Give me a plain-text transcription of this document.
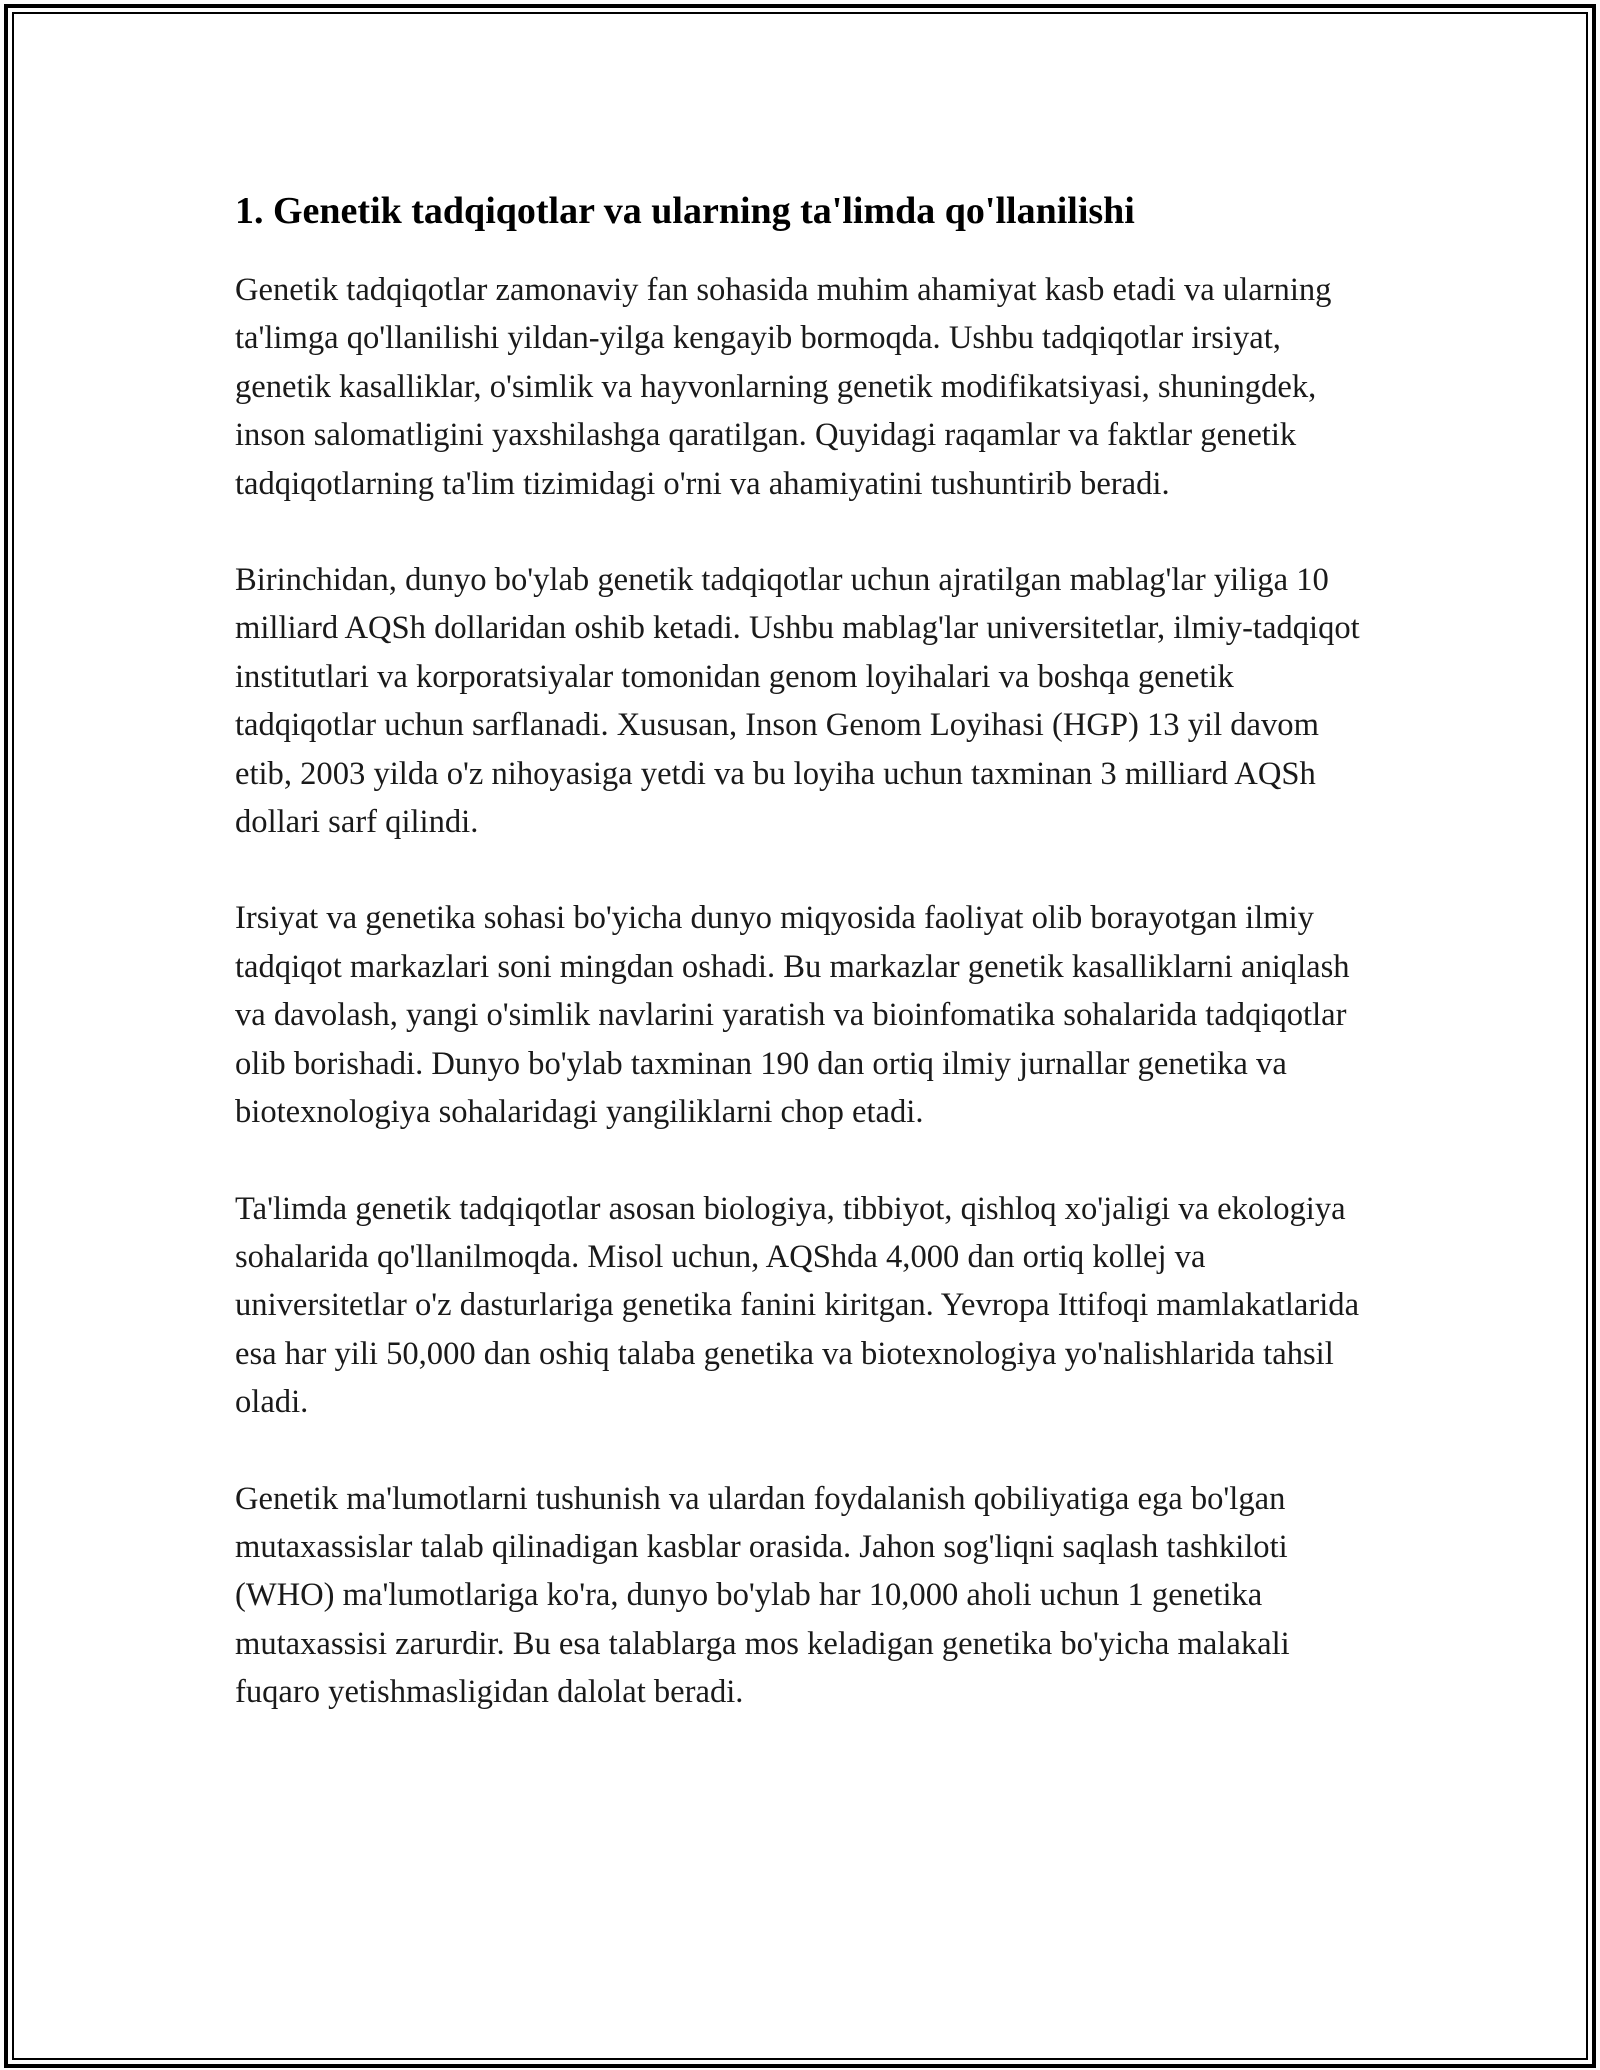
1. Genetik tadqiqotlar va ularning ta'limda qo'llanilishi

Genetik tadqiqotlar zamonaviy fan sohasida muhim ahamiyat kasb etadi va ularning ta'limga qo'llanilishi yildan-yilga kengayib bormoqda. Ushbu tadqiqotlar irsiyat, genetik kasalliklar, o'simlik va hayvonlarning genetik modifikatsiyasi, shuningdek, inson salomatligini yaxshilashga qaratilgan. Quyidagi raqamlar va faktlar genetik tadqiqotlarning ta'lim tizimidagi o'rni va ahamiyatini tushuntirib beradi.

Birinchidan, dunyo bo'ylab genetik tadqiqotlar uchun ajratilgan mablag'lar yiliga 10 milliard AQSh dollaridan oshib ketadi. Ushbu mablag'lar universitetlar, ilmiy-tadqiqot institutlari va korporatsiyalar tomonidan genom loyihalari va boshqa genetik tadqiqotlar uchun sarflanadi. Xususan, Inson Genom Loyihasi (HGP) 13 yil davom etib, 2003 yilda o'z nihoyasiga yetdi va bu loyiha uchun taxminan 3 milliard AQSh dollari sarf qilindi.

Irsiyat va genetika sohasi bo'yicha dunyo miqyosida faoliyat olib borayotgan ilmiy tadqiqot markazlari soni mingdan oshadi. Bu markazlar genetik kasalliklarni aniqlash va davolash, yangi o'simlik navlarini yaratish va bioinfomatika sohalarida tadqiqotlar olib borishadi. Dunyo bo'ylab taxminan 190 dan ortiq ilmiy jurnallar genetika va biotexnologiya sohalaridagi yangiliklarni chop etadi.

Ta'limda genetik tadqiqotlar asosan biologiya, tibbiyot, qishloq xo'jaligi va ekologiya sohalarida qo'llanilmoqda. Misol uchun, AQShda 4,000 dan ortiq kollej va universitetlar o'z dasturlariga genetika fanini kiritgan. Yevropa Ittifoqi mamlakatlarida esa har yili 50,000 dan oshiq talaba genetika va biotexnologiya yo'nalishlarida tahsil oladi.

Genetik ma'lumotlarni tushunish va ulardan foydalanish qobiliyatiga ega bo'lgan mutaxassislar talab qilinadigan kasblar orasida. Jahon sog'liqni saqlash tashkiloti (WHO) ma'lumotlariga ko'ra, dunyo bo'ylab har 10,000 aholi uchun 1 genetika mutaxassisi zarurdir. Bu esa talablarga mos keladigan genetika bo'yicha malakali fuqaro yetishmasligidan dalolat beradi.
